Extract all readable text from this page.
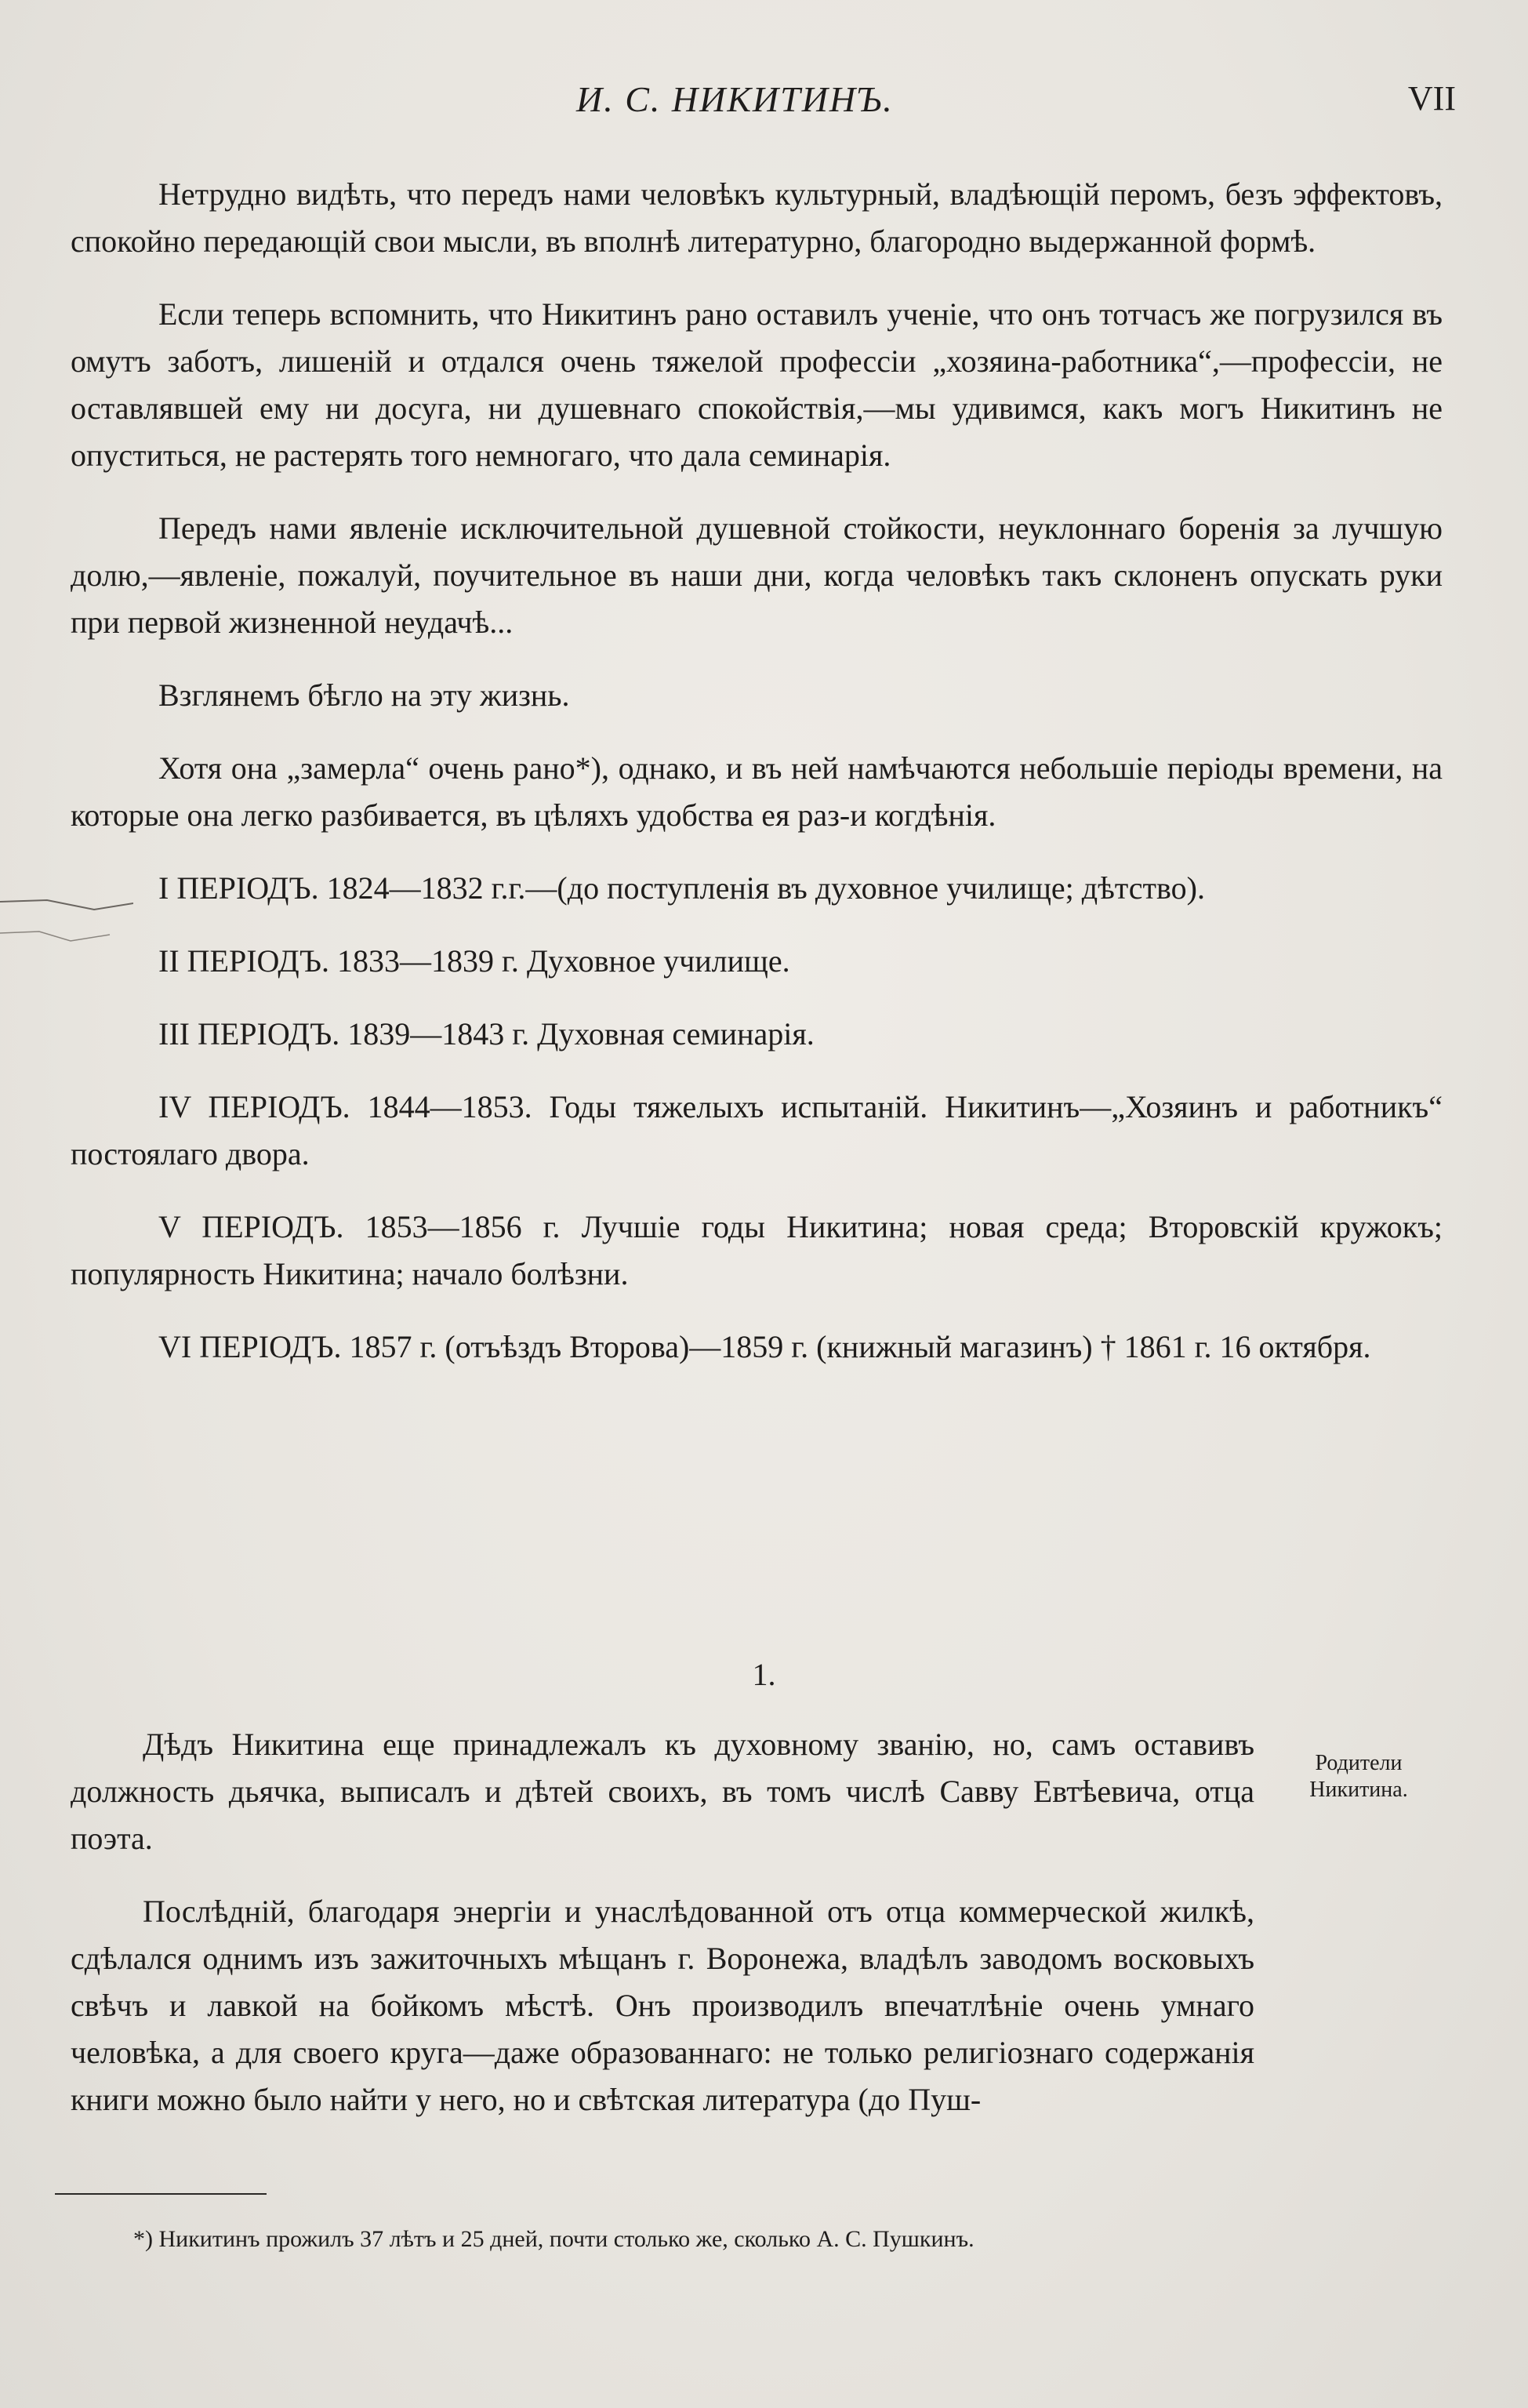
И. С. НИКИТИНЪ.	VII

Нетрудно видѣть, что передъ нами человѣкъ культурный, владѣющій перомъ, безъ эффектовъ, спокойно передающій свои мысли, въ вполнѣ литературно, благородно выдержанной формѣ.

Если теперь вспомнить, что Никитинъ рано оставилъ ученіе, что онъ тотчасъ же погрузился въ омутъ заботъ, лишеній и отдался очень тяжелой профессіи „хозяина-работника“,—профессіи, не оставлявшей ему ни досуга, ни душевнаго спокойствія,—мы удивимся, какъ могъ Никитинъ не опуститься, не растерять того немногаго, что дала семинарія.

Передъ нами явленіе исключительной душевной стойкости, неуклоннаго боренія за лучшую долю,—явленіе, пожалуй, поучительное въ наши дни, когда человѣкъ такъ склоненъ опускать руки при первой жизненной неудачѣ...

Взглянемъ бѣгло на эту жизнь.

Хотя она „замерла“ очень рано*), однако, и въ ней намѣчаются небольшіе періоды времени, на которые она легко разбивается, въ цѣляхъ удобства ея раз-и когдѣнія.

I ПЕРІОДЪ. 1824—1832 г.г.—(до поступленія въ духовное училище; дѣтство).

II ПЕРІОДЪ. 1833—1839 г. Духовное училище.

III ПЕРІОДЪ. 1839—1843 г. Духовная семинарія.

IV ПЕРІОДЪ. 1844—1853. Годы тяжелыхъ испытаній. Никитинъ—„Хозяинъ и работникъ“ постоялаго двора.

V ПЕРІОДЪ. 1853—1856 г. Лучшіе годы Никитина; новая среда; Второвскій кружокъ; популярность Никитина; начало болѣзни.

VI ПЕРІОДЪ. 1857 г. (отъѣздъ Второва)—1859 г. (книжный магазинъ) † 1861 г. 16 октября.

1.

Дѣдъ Никитина еще принадлежалъ къ духовному званію, но, самъ оставивъ должность дьячка, выписалъ и дѣтей своихъ, въ томъ числѣ Савву Евтѣевича, отца поэта.

Послѣдній, благодаря энергіи и унаслѣдованной отъ отца коммерческой жилкѣ, сдѣлался однимъ изъ зажиточныхъ мѣщанъ г. Воронежа, владѣлъ заводомъ восковыхъ свѣчъ и лавкой на бойкомъ мѣстѣ. Онъ производилъ впечатлѣніе очень умнаго человѣка, а для своего круга—даже образованнаго: не только религіознаго содержанія книги можно было найти у него, но и свѣтская литература (до Пуш-

Родители Никитина.
*) Никитинъ прожилъ 37 лѣтъ и 25 дней, почти столько же, сколько А. С. Пушкинъ.
